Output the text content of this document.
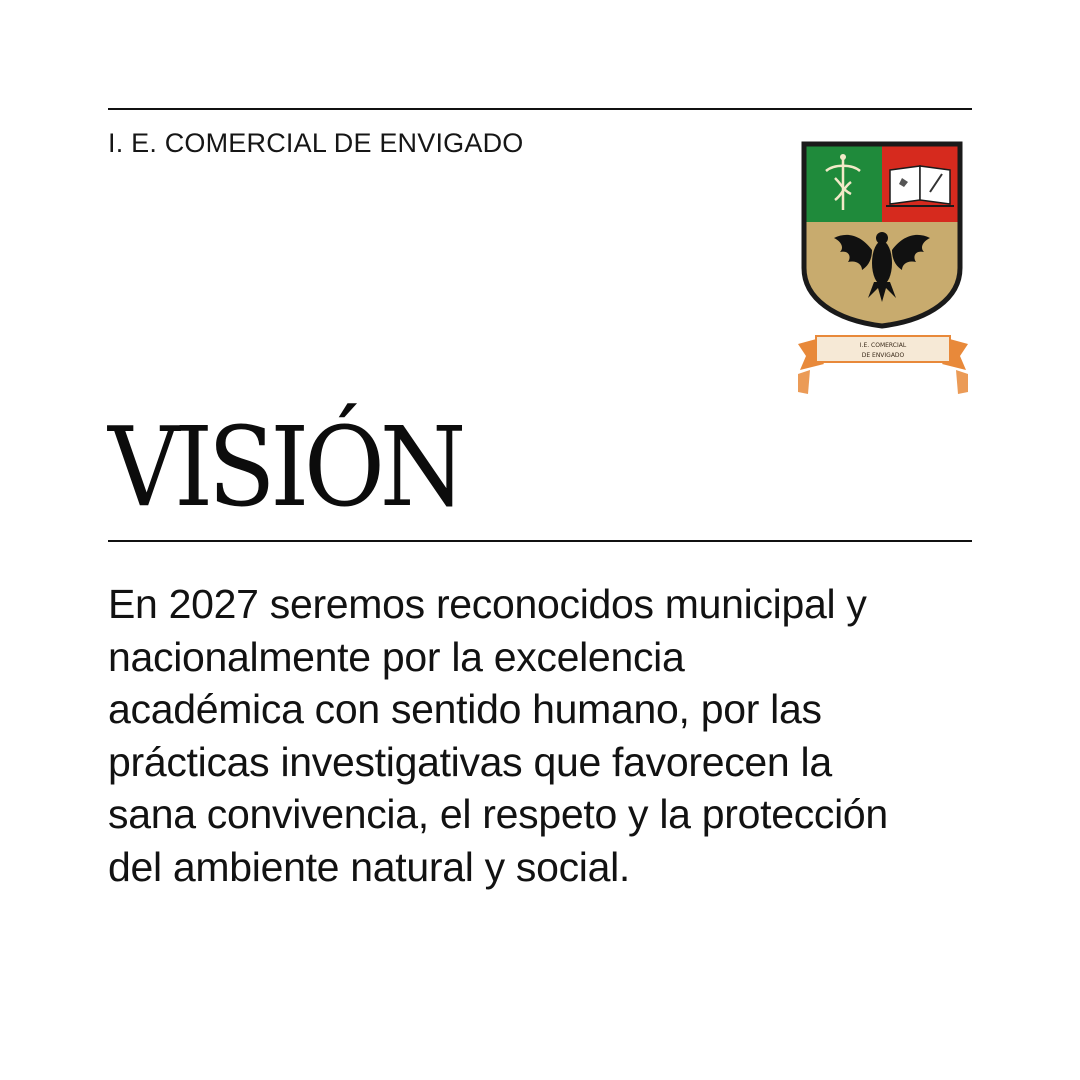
I. E. COMERCIAL DE ENVIGADO
I.E. COMERCIAL
DE ENVIGADO
VISIÓN
En 2027 seremos reconocidos municipal y
nacionalmente por la excelencia
académica con sentido humano, por las
prácticas investigativas que favorecen la
sana convivencia, el respeto y la protección
del ambiente natural y social.
